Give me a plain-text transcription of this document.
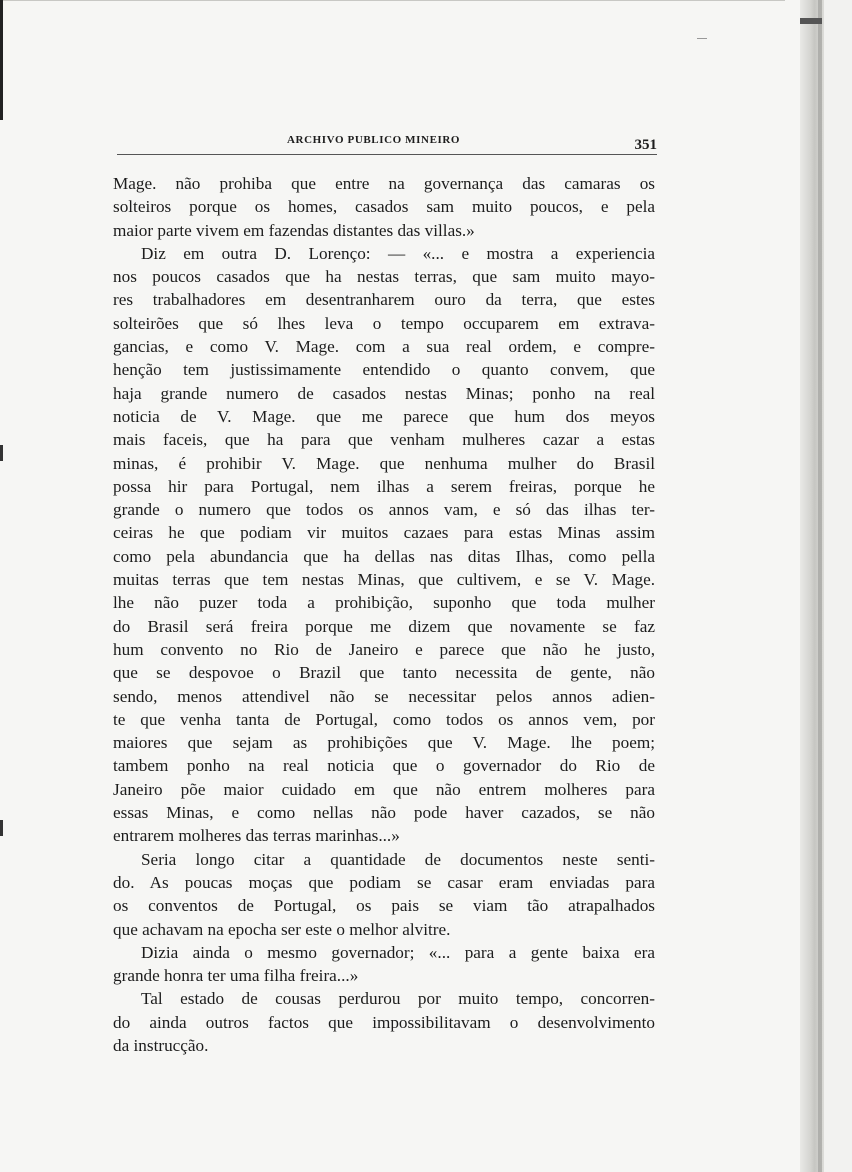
ARCHIVO PUBLICO MINEIRO	351
Mage. não prohiba que entre na governança das camaras os
solteiros porque os homes, casados sam muito poucos, e pela
maior parte vivem em fazendas distantes das villas.»
Diz em outra D. Lorenço: — «... e mostra a experiencia
nos poucos casados que ha nestas terras, que sam muito mayo-
res trabalhadores em desentranharem ouro da terra, que estes
solteirões que só lhes leva o tempo occuparem em extrava-
gancias, e como V. Mage. com a sua real ordem, e compre-
henção tem justissimamente entendido o quanto convem, que
haja grande numero de casados nestas Minas; ponho na real
noticia de V. Mage. que me parece que hum dos meyos
mais faceis, que ha para que venham mulheres cazar a estas
minas, é prohibir V. Mage. que nenhuma mulher do Brasil
possa hir para Portugal, nem ilhas a serem freiras, porque he
grande o numero que todos os annos vam, e só das ilhas ter-
ceiras he que podiam vir muitos cazaes para estas Minas assim
como pela abundancia que ha dellas nas ditas Ilhas, como pella
muitas terras que tem nestas Minas, que cultivem, e se V. Mage.
lhe não puzer toda a prohibição, suponho que toda mulher
do Brasil será freira porque me dizem que novamente se faz
hum convento no Rio de Janeiro e parece que não he justo,
que se despovoe o Brazil que tanto necessita de gente, não
sendo, menos attendivel não se necessitar pelos annos adien-
te que venha tanta de Portugal, como todos os annos vem, por
maiores que sejam as prohibições que V. Mage. lhe poem;
tambem ponho na real noticia que o governador do Rio de
Janeiro põe maior cuidado em que não entrem molheres para
essas Minas, e como nellas não pode haver cazados, se não
entrarem molheres das terras marinhas...»
Seria longo citar a quantidade de documentos neste senti-
do. As poucas moças que podiam se casar eram enviadas para
os conventos de Portugal, os pais se viam tão atrapalhados
que achavam na epocha ser este o melhor alvitre.
Dizia ainda o mesmo governador; «... para a gente baixa era
grande honra ter uma filha freira...»
Tal estado de cousas perdurou por muito tempo, concorren-
do ainda outros factos que impossibilitavam o desenvolvimento
da instrucção.
